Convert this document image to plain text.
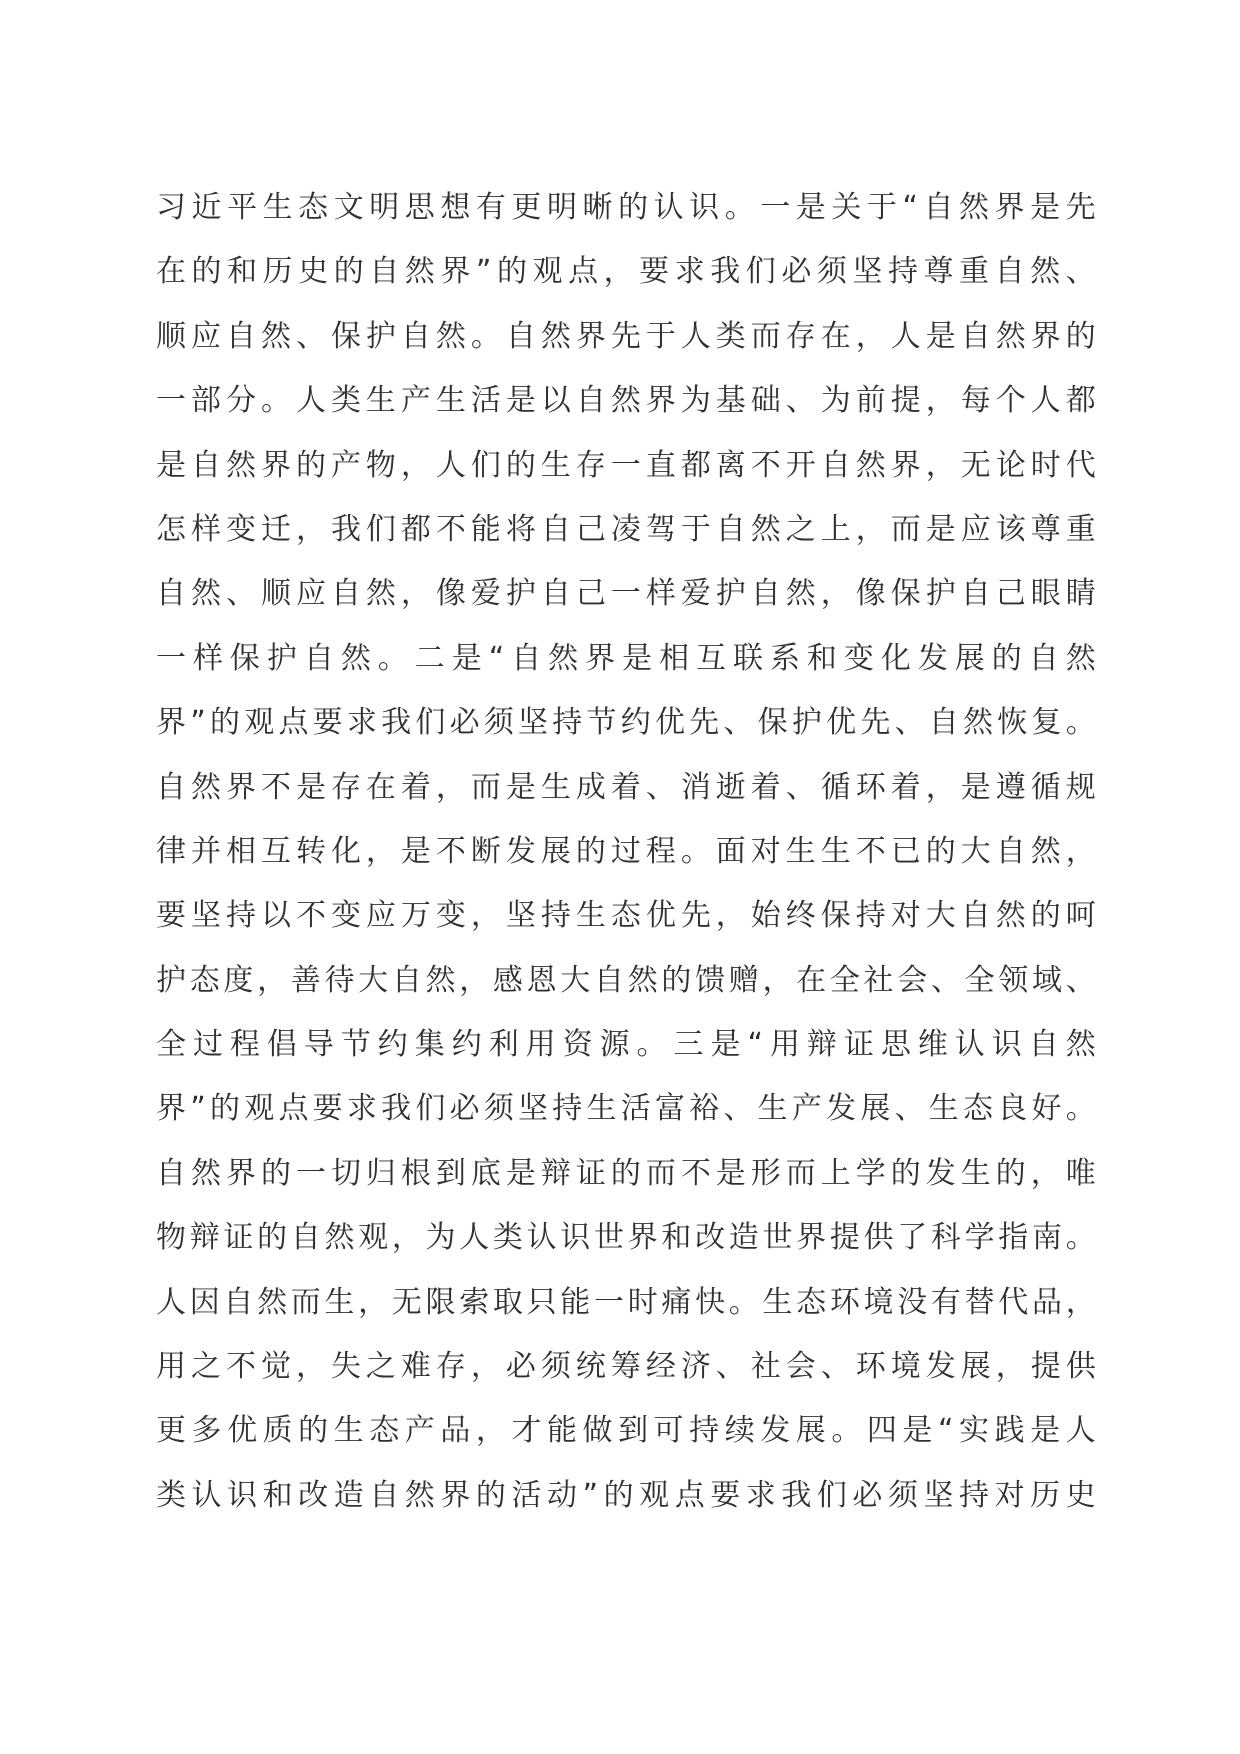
习近平生态文明思想有更明晰的认识。一是关于“自然界是先
在的和历史的自然界”的观点，要求我们必须坚持尊重自然、
顺应自然、保护自然。自然界先于人类而存在，人是自然界的
一部分。人类生产生活是以自然界为基础、为前提，每个人都
是自然界的产物，人们的生存一直都离不开自然界，无论时代
怎样变迁，我们都不能将自己凌驾于自然之上，而是应该尊重
自然、顺应自然，像爱护自己一样爱护自然，像保护自己眼睛
一样保护自然。二是“自然界是相互联系和变化发展的自然
界”的观点要求我们必须坚持节约优先、保护优先、自然恢复。
自然界不是存在着，而是生成着、消逝着、循环着，是遵循规
律并相互转化，是不断发展的过程。面对生生不已的大自然，
要坚持以不变应万变，坚持生态优先，始终保持对大自然的呵
护态度，善待大自然，感恩大自然的馈赠，在全社会、全领域、
全过程倡导节约集约利用资源。三是“用辩证思维认识自然
界”的观点要求我们必须坚持生活富裕、生产发展、生态良好。
自然界的一切归根到底是辩证的而不是形而上学的发生的，唯
物辩证的自然观，为人类认识世界和改造世界提供了科学指南。
人因自然而生，无限索取只能一时痛快。生态环境没有替代品，
用之不觉，失之难存，必须统筹经济、社会、环境发展，提供
更多优质的生态产品，才能做到可持续发展。四是“实践是人
类认识和改造自然界的活动”的观点要求我们必须坚持对历史
